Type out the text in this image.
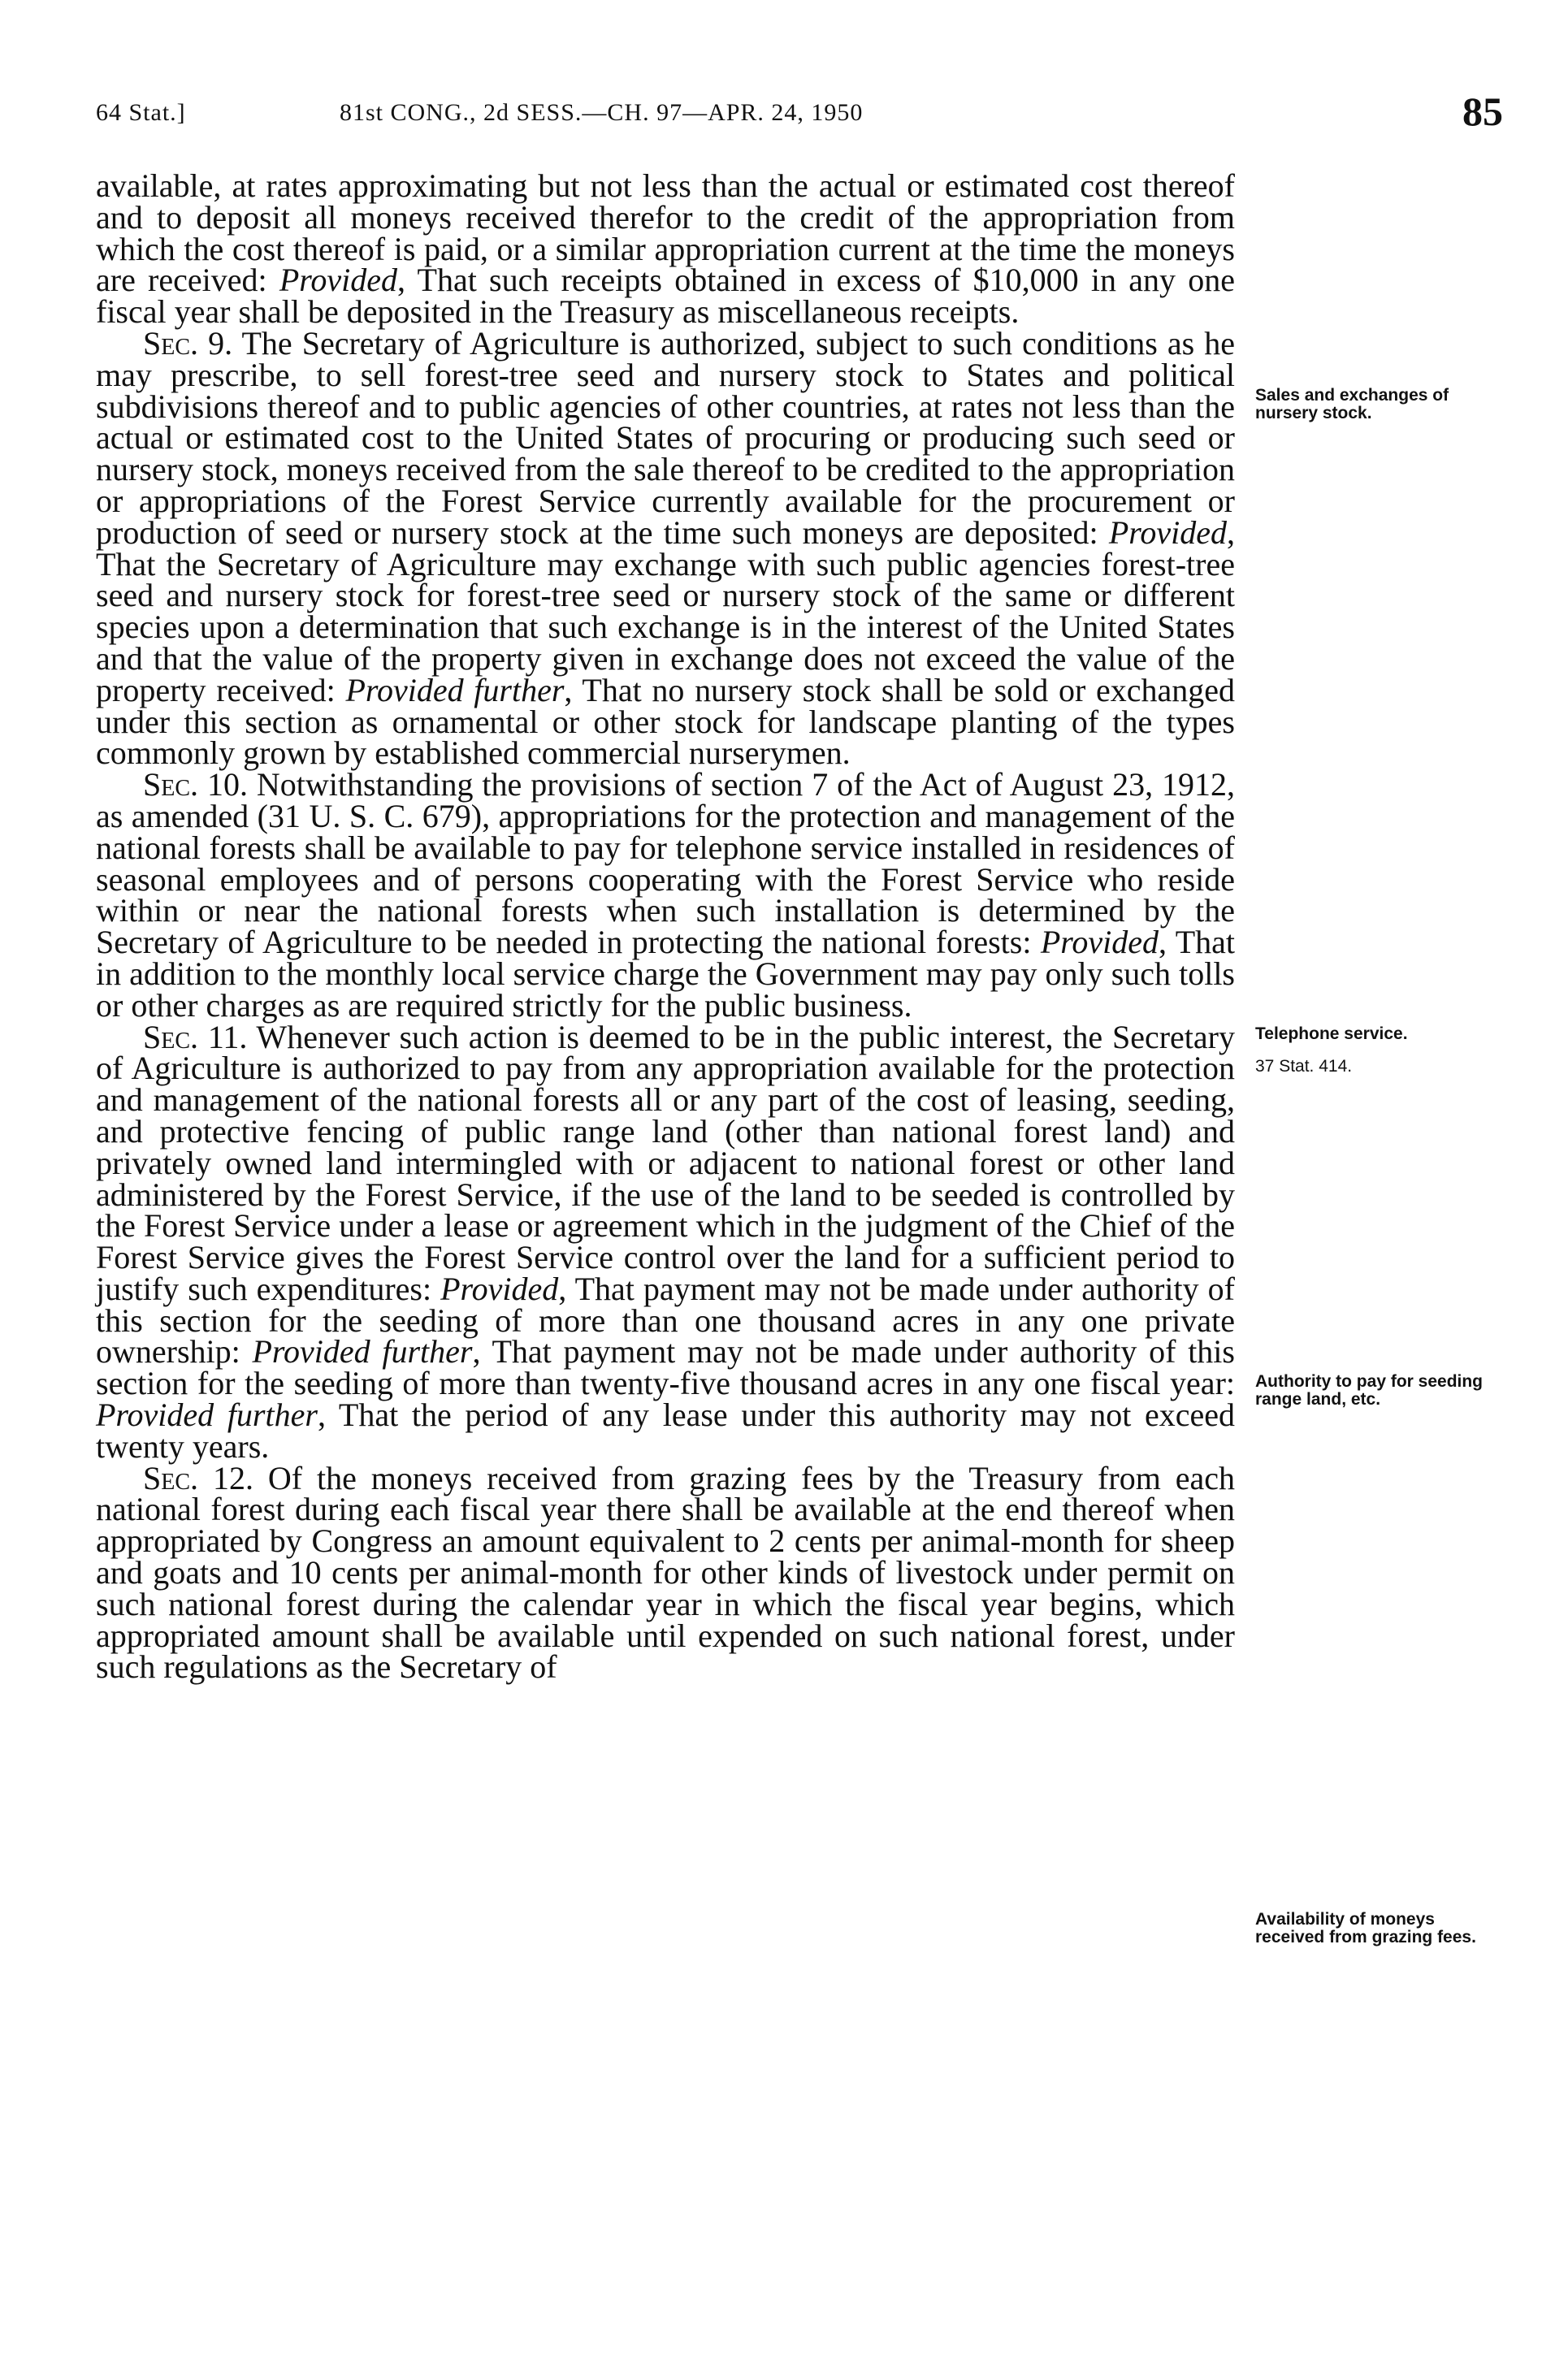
64 Stat.]	81st CONG., 2d SESS.—CH. 97—APR. 24, 1950	85

available, at rates approximating but not less than the actual or estimated cost thereof and to deposit all moneys received therefor to the credit of the appropriation from which the cost thereof is paid, or a similar appropriation current at the time the moneys are received: Provided, That such receipts obtained in excess of $10,000 in any one fiscal year shall be deposited in the Treasury as miscellaneous receipts.

Sec. 9. The Secretary of Agriculture is authorized, subject to such conditions as he may prescribe, to sell forest-tree seed and nursery stock to States and political subdivisions thereof and to public agencies of other countries, at rates not less than the actual or estimated cost to the United States of procuring or producing such seed or nursery stock, moneys received from the sale thereof to be credited to the appropriation or appropriations of the Forest Service currently available for the procurement or production of seed or nursery stock at the time such moneys are deposited: Provided, That the Secretary of Agriculture may exchange with such public agencies forest-tree seed and nursery stock for forest-tree seed or nursery stock of the same or different species upon a determination that such exchange is in the interest of the United States and that the value of the property given in exchange does not exceed the value of the property received: Provided further, That no nursery stock shall be sold or exchanged under this section as ornamental or other stock for landscape planting of the types commonly grown by established commercial nurserymen.

Sec. 10. Notwithstanding the provisions of section 7 of the Act of August 23, 1912, as amended (31 U. S. C. 679), appropriations for the protection and management of the national forests shall be available to pay for telephone service installed in residences of seasonal employees and of persons cooperating with the Forest Service who reside within or near the national forests when such installation is determined by the Secretary of Agriculture to be needed in protecting the national forests: Provided, That in addition to the monthly local service charge the Government may pay only such tolls or other charges as are required strictly for the public business.

Sec. 11. Whenever such action is deemed to be in the public interest, the Secretary of Agriculture is authorized to pay from any appropriation available for the protection and management of the national forests all or any part of the cost of leasing, seeding, and protective fencing of public range land (other than national forest land) and privately owned land intermingled with or adjacent to national forest or other land administered by the Forest Service, if the use of the land to be seeded is controlled by the Forest Service under a lease or agreement which in the judgment of the Chief of the Forest Service gives the Forest Service control over the land for a sufficient period to justify such expenditures: Provided, That payment may not be made under authority of this section for the seeding of more than one thousand acres in any one private ownership: Provided further, That payment may not be made under authority of this section for the seeding of more than twenty-five thousand acres in any one fiscal year: Provided further, That the period of any lease under this authority may not exceed twenty years.

Sec. 12. Of the moneys received from grazing fees by the Treasury from each national forest during each fiscal year there shall be available at the end thereof when appropriated by Congress an amount equivalent to 2 cents per animal-month for sheep and goats and 10 cents per animal-month for other kinds of livestock under permit on such national forest during the calendar year in which the fiscal year begins, which appropriated amount shall be available until expended on such national forest, under such regulations as the Secretary of

Sales and exchanges of nursery stock.
Telephone service.
37 Stat. 414.
Authority to pay for seeding range land, etc.
Availability of moneys received from grazing fees.
